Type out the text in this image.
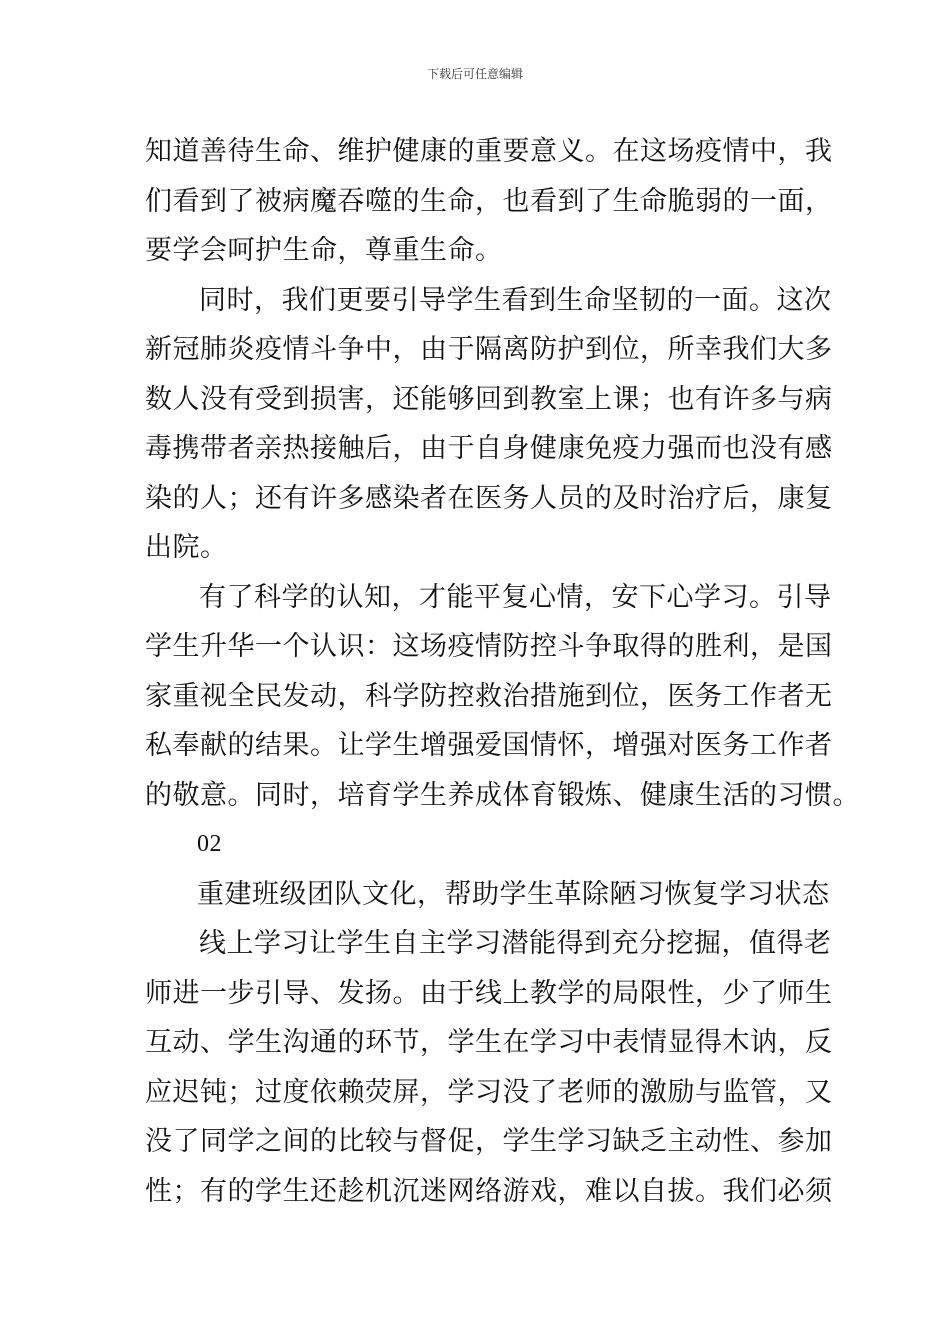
下载后可任意编辑
知道善待生命、维护健康的重要意义。在这场疫情中，我
们看到了被病魔吞噬的生命，也看到了生命脆弱的一面，
要学会呵护生命，尊重生命。
同时，我们更要引导学生看到生命坚韧的一面。这次
新冠肺炎疫情斗争中，由于隔离防护到位，所幸我们大多
数人没有受到损害，还能够回到教室上课；也有许多与病
毒携带者亲热接触后，由于自身健康免疫力强而也没有感
染的人；还有许多感染者在医务人员的及时治疗后，康复
出院。
有了科学的认知，才能平复心情，安下心学习。引导
学生升华一个认识：这场疫情防控斗争取得的胜利，是国
家重视全民发动，科学防控救治措施到位，医务工作者无
私奉献的结果。让学生增强爱国情怀，增强对医务工作者
的敬意。同时，培育学生养成体育锻炼、健康生活的习惯。
02
重建班级团队文化，帮助学生革除陋习恢复学习状态
线上学习让学生自主学习潜能得到充分挖掘，值得老
师进一步引导、发扬。由于线上教学的局限性，少了师生
互动、学生沟通的环节，学生在学习中表情显得木讷，反
应迟钝；过度依赖荧屏，学习没了老师的激励与监管，又
没了同学之间的比较与督促，学生学习缺乏主动性、参加
性；有的学生还趁机沉迷网络游戏，难以自拔。我们必须
